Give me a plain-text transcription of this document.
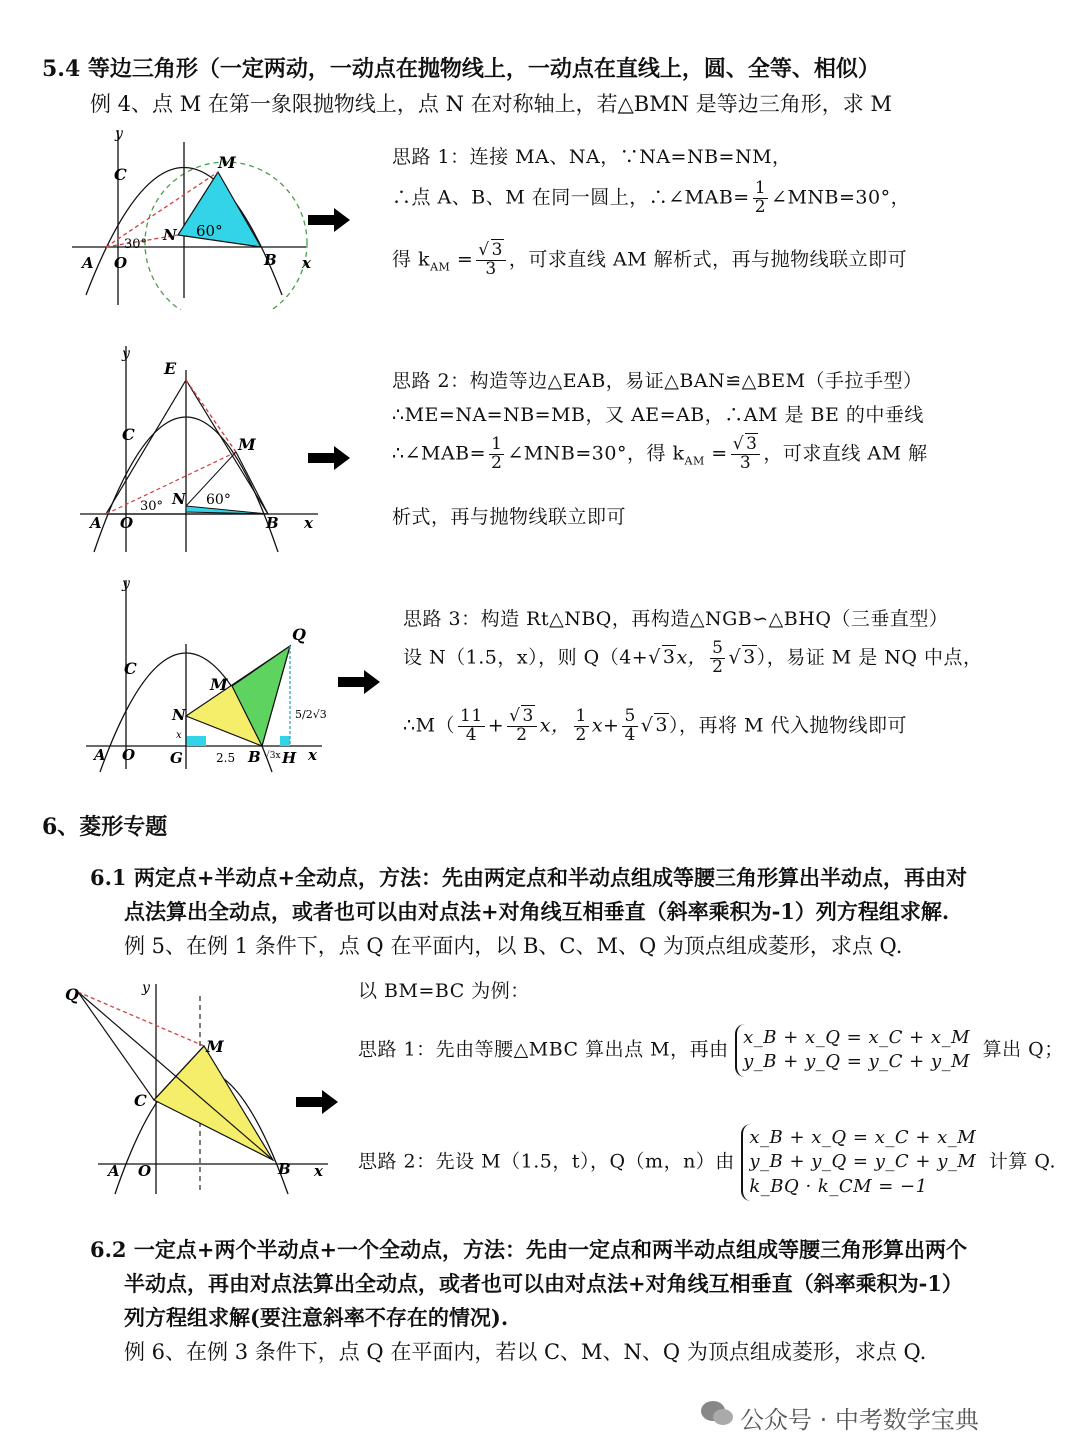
5.4 等边三角形（一定两动，一动点在抛物线上，一动点在直线上，圆、全等、相似）
例 4、点 M 在第一象限抛物线上，点 N 在对称轴上，若△BMN 是等边三角形，求 M
y
C
M
N 60°
30°
A O	B x
思路 1：连接 MA、NA，∵NA=NB=NM，
∴点 A、B、M 在同一圆上，∴∠MAB= $\frac{1}{2}$ ∠MNB=30°，
得 $k_{AM} = \frac{√ 3}{3}$ ，可求直线 AM 解析式，再与抛物线联立即可
y
E
C
M
N 60°
30°
A O	B x
思路 2：构造等边△EAB，易证△BAN≌△BEM（手拉手型）
∴ME=NA=NB=MB，又 AE=AB，∴AM 是 BE 的中垂线
∴∠MAB= $\frac{1}{2}$ ∠MNB=30°，得 $k_{AM} = \frac{√ 3}{3}$ ，可求直线 AM 解
析式，再与抛物线联立即可
y
Q
C
M
N
x
5/2√3
A O G	2.5 B √3x H x
思路 3：构造 Rt△NBQ，再构造△NGB∽△BHQ（三垂直型）
设 N（1.5，x），则 Q（4+√ 3x， $\frac{5}{2}$ √ 3），易证 M 是 NQ 中点，
∴M（ $\frac{11}{4} + \frac{√ 3}{2}$ x， $\frac{1}{2} x+ \frac{5}{4}$ √ 3），再将 M 代入抛物线即可
6、菱形专题
6.1 两定点+半动点+全动点，方法：先由两定点和半动点组成等腰三角形算出半动点，再由对
点法算出全动点，或者也可以由对点法+对角线互相垂直（斜率乘积为-1）列方程组求解.
例 5、在例 1 条件下，点 Q 在平面内，以 B、C、M、Q 为顶点组成菱形，求点 Q.
Q	y
M
C
A O	B x
以 BM=BC 为例：
思路 1：先由等腰△MBC 算出点 M，再由
x_B + x_Q = x_C + x_M
y_B + y_Q = y_C + y_M
算出 Q；
思路 2：先设 M（1.5，t），Q（m，n）由
x_B + x_Q = x_C + x_M
y_B + y_Q = y_C + y_M
k_BQ · k_CM = −1
计算 Q.
6.2 一定点+两个半动点+一个全动点，方法：先由一定点和两半动点组成等腰三角形算出两个
半动点，再由对点法算出全动点，或者也可以由对点法+对角线互相垂直（斜率乘积为-1）
列方程组求解(要注意斜率不存在的情况).
例 6、在例 3 条件下，点 Q 在平面内，若以 C、M、N、Q 为顶点组成菱形，求点 Q.
公众号 · 中考数学宝典
